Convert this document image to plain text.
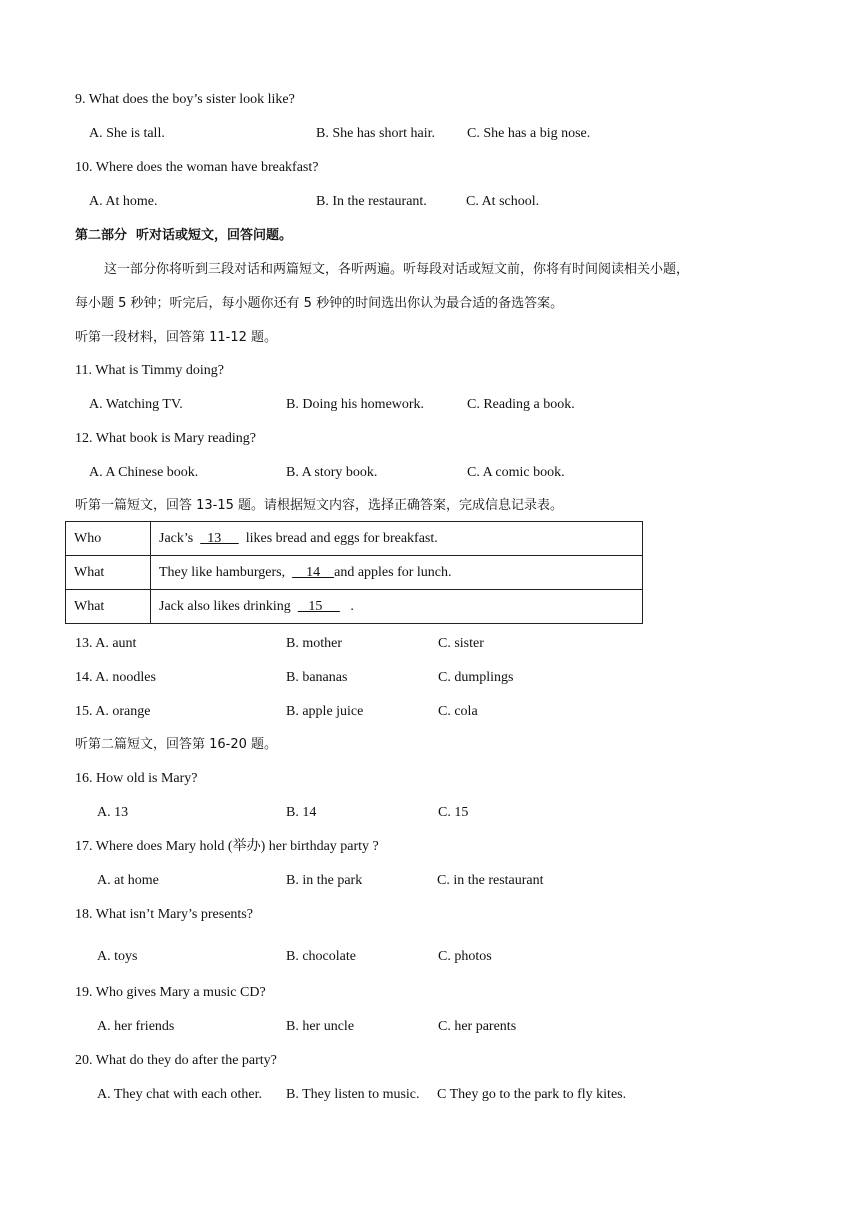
9. What does the boy’s sister look like?
A. She is tall.	B. She has short hair. C. She has a big nose.
10. Where does the woman have breakfast?
A. At home.	B. In the restaurant.	C. At school.
第二部分  听对话或短文，回答问题。
这一部分你将听到三段对话和两篇短文，各听两遍。听每段对话或短文前，你将有时间阅读相关小题，
每小题 5 秒钟；听完后，每小题你还有 5 秒钟的时间选出你认为最合适的备选答案。
听第一段材料，回答第 11-12 题。
11. What is Timmy doing?
A. Watching TV.	B. Doing his homework.	C. Reading a book.
12. What book is Mary reading?
A. A Chinese book.	B. A story book.	C. A comic book.
听第一篇短文，回答 13-15 题。请根据短文内容，选择正确答案，完成信息记录表。
Who	Jack’s    13       likes bread and eggs for breakfast.
What	They like hamburgers,      14    and apples for lunch.
What	Jack also likes drinking     15        .
13. A. aunt	B. mother	C. sister
14. A. noodles	B. bananas	C. dumplings
15. A. orange	B. apple juice	C. cola
听第二篇短文，回答第 16-20 题。
16. How old is Mary?
A. 13	B. 14	C. 15
17. Where does Mary hold (举办) her birthday party ?
A. at home	B. in the park	C. in the restaurant
18. What isn’t Mary’s presents?
A. toys	B. chocolate	C. photos
19. Who gives Mary a music CD?
A. her friends	B. her uncle	C. her parents
20. What do they do after the party?
A. They chat with each other. B. They listen to music. C They go to the park to fly kites.
